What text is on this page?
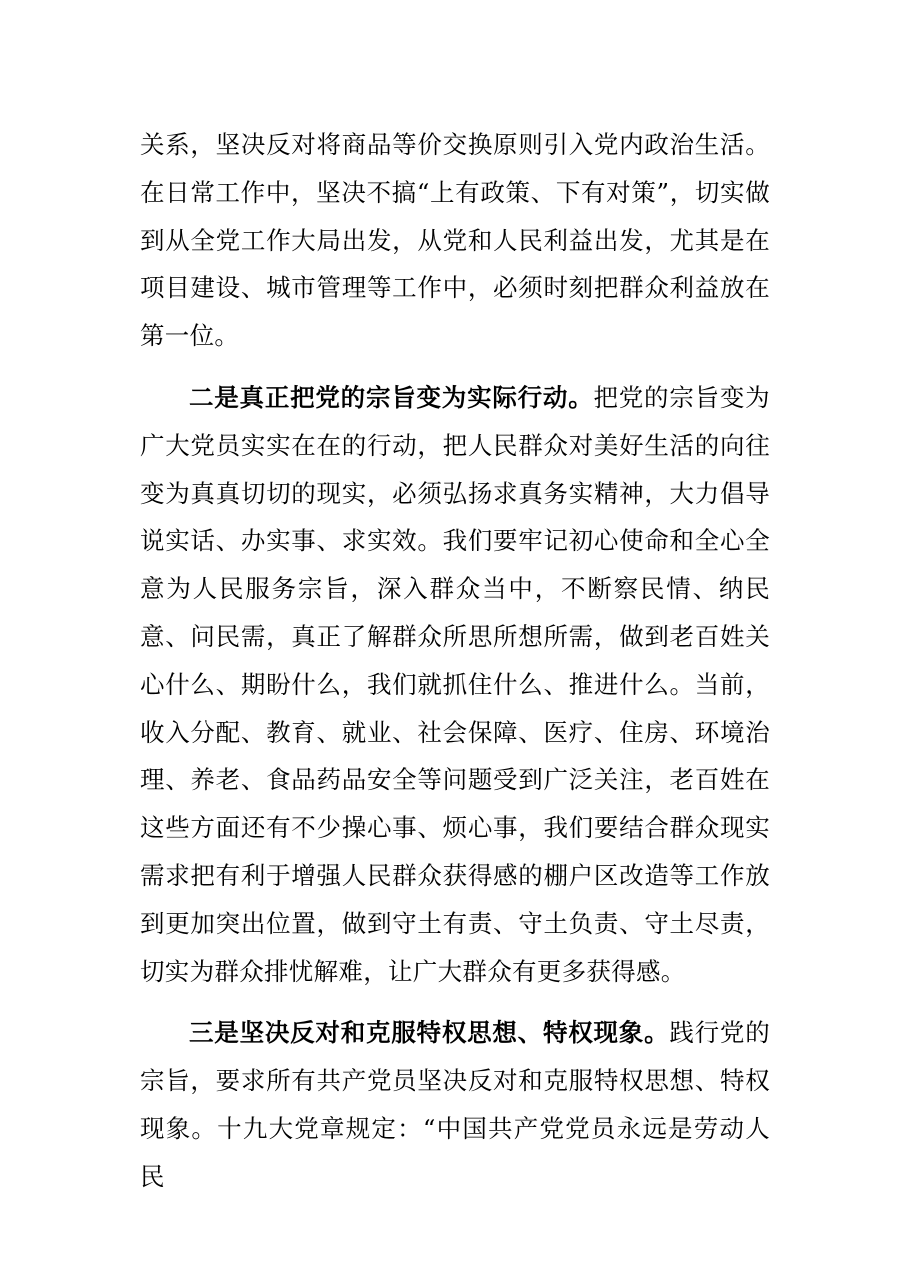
关系，坚决反对将商品等价交换原则引入党内政治生活。在日常工作中，坚决不搞“上有政策、下有对策”，切实做到从全党工作大局出发，从党和人民利益出发，尤其是在项目建设、城市管理等工作中，必须时刻把群众利益放在第一位。

二是真正把党的宗旨变为实际行动。把党的宗旨变为广大党员实实在在的行动，把人民群众对美好生活的向往变为真真切切的现实，必须弘扬求真务实精神，大力倡导说实话、办实事、求实效。我们要牢记初心使命和全心全意为人民服务宗旨，深入群众当中，不断察民情、纳民意、问民需，真正了解群众所思所想所需，做到老百姓关心什么、期盼什么，我们就抓住什么、推进什么。当前，收入分配、教育、就业、社会保障、医疗、住房、环境治理、养老、食品药品安全等问题受到广泛关注，老百姓在这些方面还有不少操心事、烦心事，我们要结合群众现实需求把有利于增强人民群众获得感的棚户区改造等工作放到更加突出位置，做到守土有责、守土负责、守土尽责，切实为群众排忧解难，让广大群众有更多获得感。

三是坚决反对和克服特权思想、特权现象。践行党的宗旨，要求所有共产党员坚决反对和克服特权思想、特权现象。十九大党章规定：“中国共产党党员永远是劳动人民
